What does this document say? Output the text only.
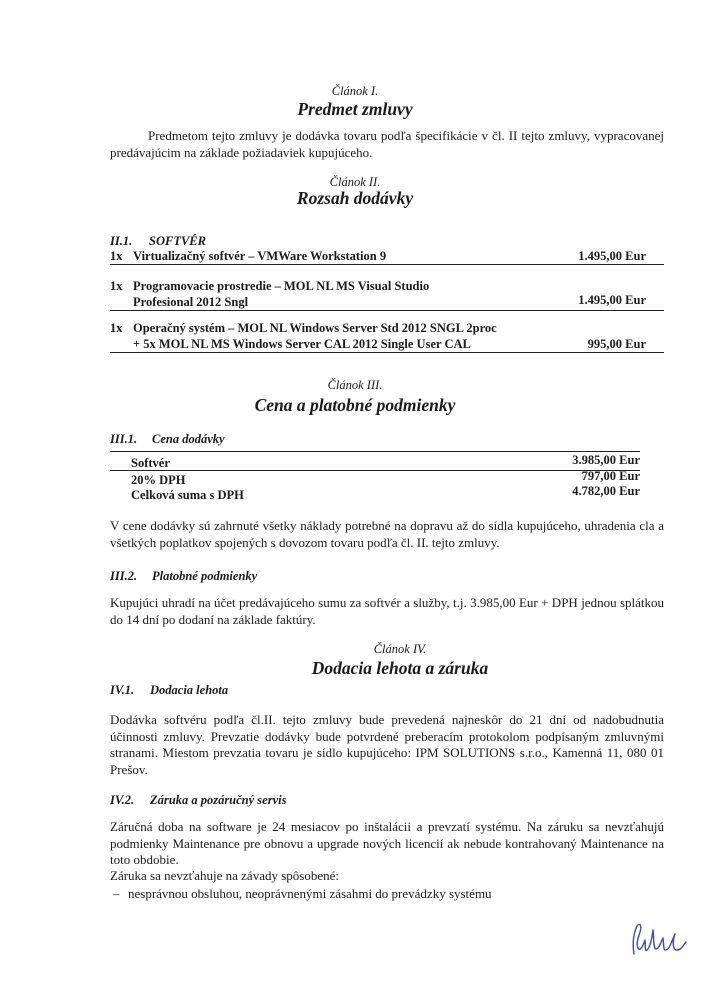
Článok I.
Predmet zmluvy
Predmetom tejto zmluvy je dodávka tovaru podľa špecifikácie v čl. II tejto zmluvy, vypracovanej predávajúcim na základe požiadaviek kupujúceho.
Článok II.
Rozsah dodávky
II.1. SOFTVÉR
1x Virtualizačný softvér – VMWare Workstation 9	1.495,00 Eur
1x Programovacie prostredie – MOL NL MS Visual Studio
Profesional 2012 Sngl	1.495,00 Eur
1x Operačný systém – MOL NL Windows Server Std 2012 SNGL 2proc
+ 5x MOL NL MS Windows Server CAL 2012 Single User CAL	995,00 Eur
Článok III.
Cena a platobné podmienky
III.1. Cena dodávky
Softvér	3.985,00 Eur
20% DPH	797,00 Eur
Celková suma s DPH	4.782,00 Eur
V cene dodávky sú zahrnuté všetky náklady potrebné na dopravu až do sídla kupujúceho, uhradenia cla a všetkých poplatkov spojených s dovozom tovaru podľa čl. II. tejto zmluvy.
III.2. Platobné podmienky
Kupujúci uhradí na účet predávajúceho sumu za softvér a služby, t.j. 3.985,00 Eur + DPH jednou splátkou do 14 dní po dodaní na základe faktúry.
Článok IV.
Dodacia lehota a záruka
IV.1. Dodacia lehota
Dodávka softvéru podľa čl.II. tejto zmluvy bude prevedená najneskôr do 21 dní od nadobudnutia účinnosti zmluvy. Prevzatie dodávky bude potvrdené preberacím protokolom podpísaným zmluvnými stranami. Miestom prevzatia tovaru je sídlo kupujúceho: IPM SOLUTIONS s.r.o., Kamenná 11, 080 01 Prešov.
IV.2. Záruka a pozáručný servis
Záručná doba na software je 24 mesiacov po inštalácii a prevzatí systému. Na záruku sa nevzťahujú podmienky Maintenance pre obnovu a upgrade nových licencií ak nebude kontrahovaný Maintenance na toto obdobie.
Záruka sa nevzťahuje na závady spôsobené:
– nesprávnou obsluhou, neoprávnenými zásahmi do prevádzky systému
